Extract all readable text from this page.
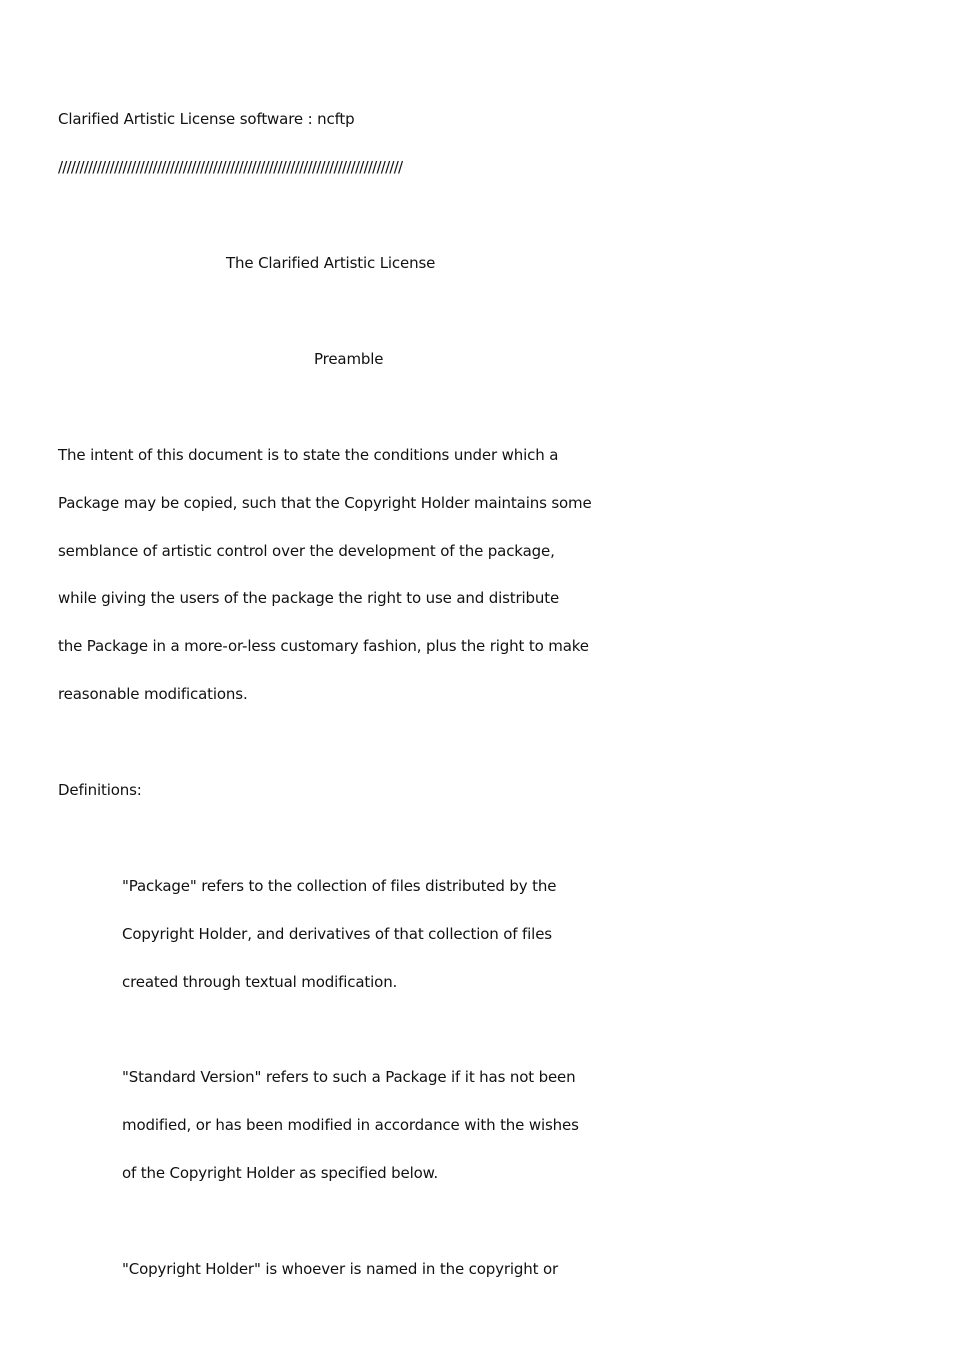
Clarified Artistic License software : ncftp
////////////////////////////////////////////////////////////////////////////////
The Clarified Artistic License
Preamble
The intent of this document is to state the conditions under which a
Package may be copied, such that the Copyright Holder maintains some
semblance of artistic control over the development of the package,
while giving the users of the package the right to use and distribute
the Package in a more-or-less customary fashion, plus the right to make
reasonable modifications.
Definitions:
"Package" refers to the collection of files distributed by the
Copyright Holder, and derivatives of that collection of files
created through textual modification.
"Standard Version" refers to such a Package if it has not been
modified, or has been modified in accordance with the wishes
of the Copyright Holder as specified below.
"Copyright Holder" is whoever is named in the copyright or
